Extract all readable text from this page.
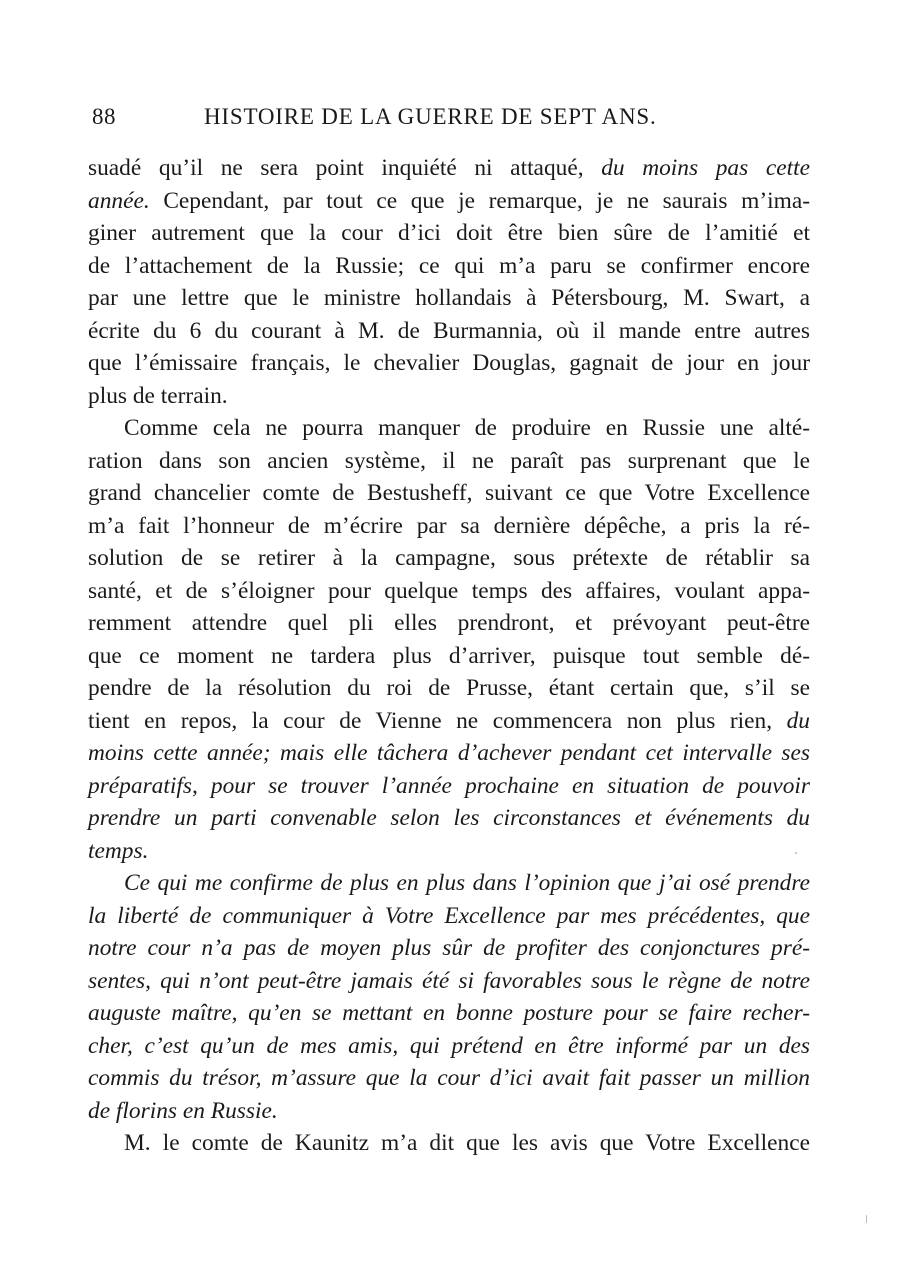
88	HISTOIRE DE LA GUERRE DE SEPT ANS.
suadé qu’il ne sera point inquiété ni attaqué, du moins pas cette
année. Cependant, par tout ce que je remarque, je ne saurais m’ima-
giner autrement que la cour d’ici doit être bien sûre de l’amitié et
de l’attachement de la Russie; ce qui m’a paru se confirmer encore
par une lettre que le ministre hollandais à Pétersbourg, M. Swart, a
écrite du 6 du courant à M. de Burmannia, où il mande entre autres
que l’émissaire français, le chevalier Douglas, gagnait de jour en jour
plus de terrain.
Comme cela ne pourra manquer de produire en Russie une alté-
ration dans son ancien système, il ne paraît pas surprenant que le
grand chancelier comte de Bestusheff, suivant ce que Votre Excellence
m’a fait l’honneur de m’écrire par sa dernière dépêche, a pris la ré-
solution de se retirer à la campagne, sous prétexte de rétablir sa
santé, et de s’éloigner pour quelque temps des affaires, voulant appa-
remment attendre quel pli elles prendront, et prévoyant peut-être
que ce moment ne tardera plus d’arriver, puisque tout semble dé-
pendre de la résolution du roi de Prusse, étant certain que, s’il se
tient en repos, la cour de Vienne ne commencera non plus rien, du
moins cette année; mais elle tâchera d’achever pendant cet intervalle ses
préparatifs, pour se trouver l’année prochaine en situation de pouvoir
prendre un parti convenable selon les circonstances et événements du
temps.
Ce qui me confirme de plus en plus dans l’opinion que j’ai osé prendre
la liberté de communiquer à Votre Excellence par mes précédentes, que
notre cour n’a pas de moyen plus sûr de profiter des conjonctures pré-
sentes, qui n’ont peut-être jamais été si favorables sous le règne de notre
auguste maître, qu’en se mettant en bonne posture pour se faire recher-
cher, c’est qu’un de mes amis, qui prétend en être informé par un des
commis du trésor, m’assure que la cour d’ici avait fait passer un million
de florins en Russie.
M. le comte de Kaunitz m’a dit que les avis que Votre Excellence
